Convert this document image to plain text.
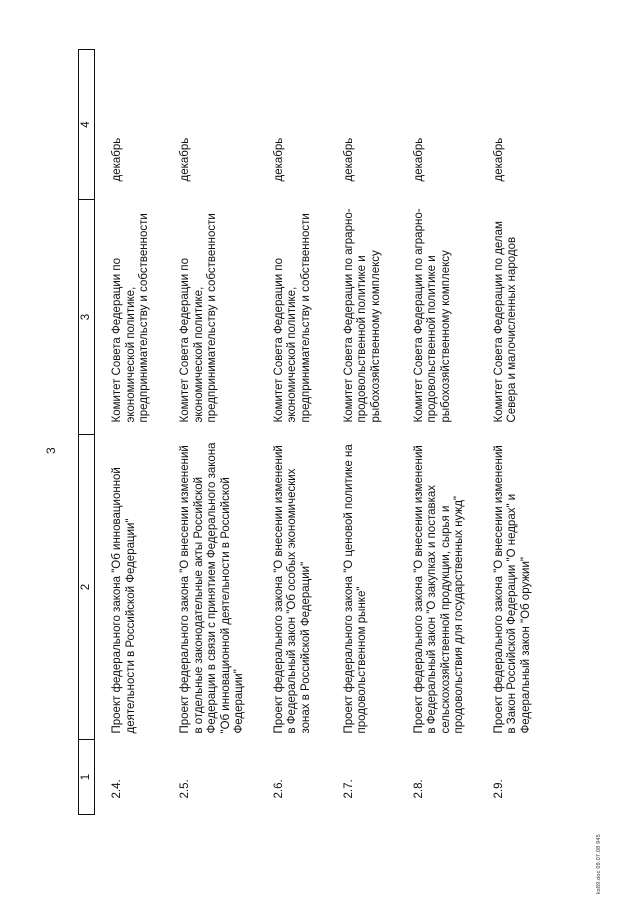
3
1	2	3	4
2.4.	Проект федерального закона "Об инновационной деятельности в Российской Федерации"	Комитет Совета Федерации по экономической политике, предпринимательству и собственности	декабрь
2.5.	Проект федерального закона "О внесении изменений в отдельные законодательные акты Российской Федерации в связи с принятием Федерального закона "Об инновационной деятельности в Российской Федерации"	Комитет Совета Федерации по экономической политике, предпринимательству и собственности	декабрь
2.6.	Проект федерального закона "О внесении изменений в Федеральный закон "Об особых экономических зонах в Российской Федерации"	Комитет Совета Федерации по экономической политике, предпринимательству и собственности	декабрь
2.7.	Проект федерального закона "О ценовой политике на продовольственном рынке"	Комитет Совета Федерации по аграрно-продовольственной политике и рыбохозяйственному комплексу	декабрь
2.8.	Проект федерального закона "О внесении изменений в Федеральный закон "О закупках и поставках сельскохозяйственной продукции, сырья и продовольствия для государственных нужд"	Комитет Совета Федерации по аграрно-продовольственной политике и рыбохозяйственному комплексу	декабрь
2.9.	Проект федерального закона "О внесении изменений в Закон Российской Федерации "О недрах" и Федеральный закон "Об оружии"	Комитет Совета Федерации по делам Севера и малочисленных народов	декабрь
ks89.doc 09.07.08 945
